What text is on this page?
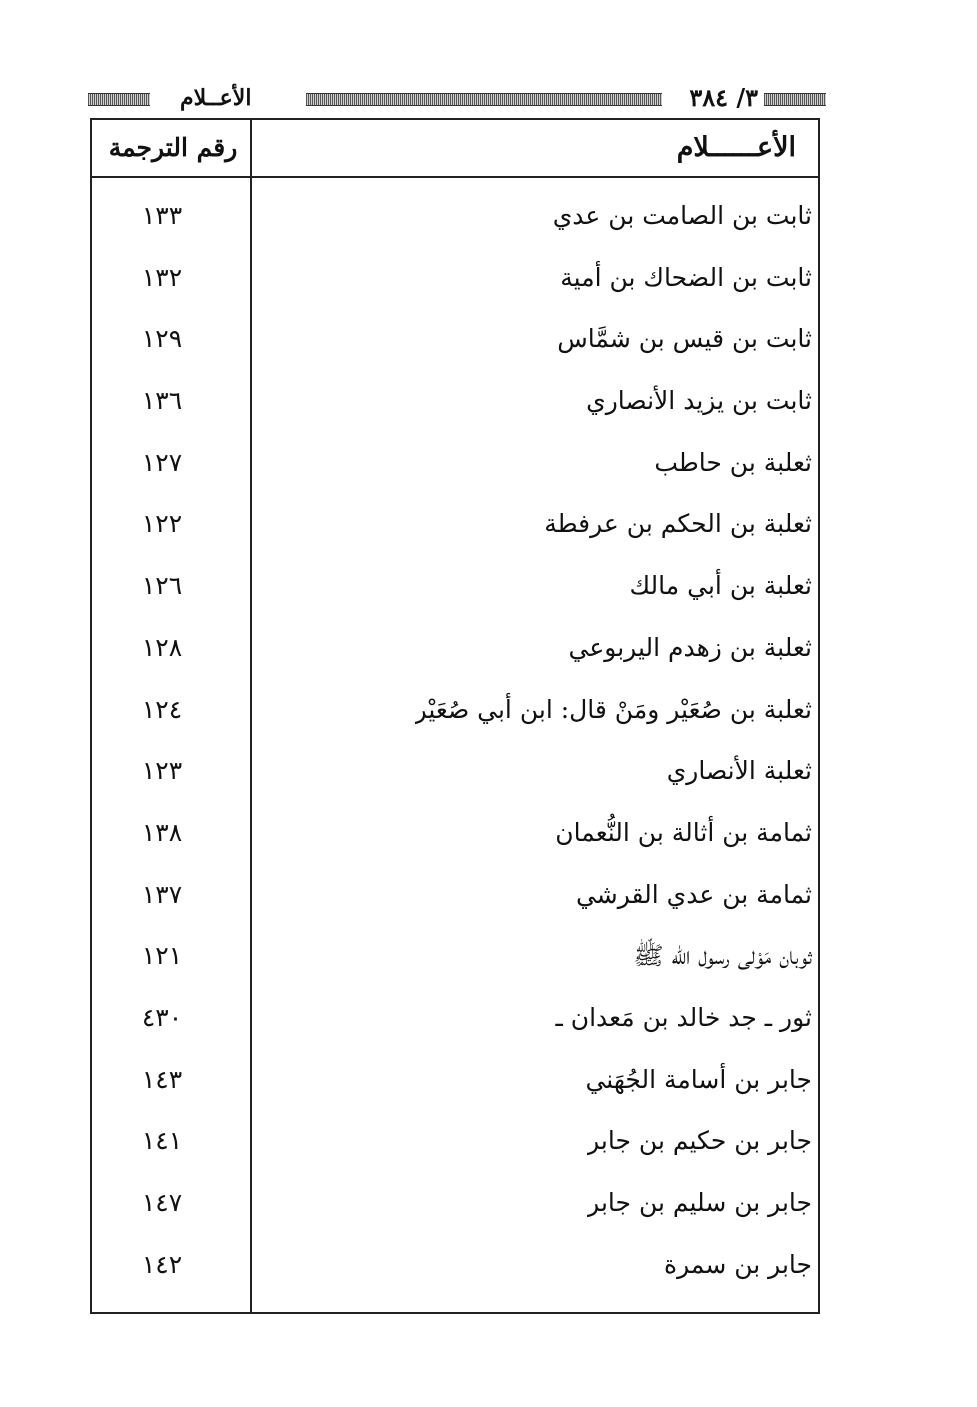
٣/ ٣٨٤
الأعــلام
الأعــــــلام
رقم الترجمة
ثابت بن الصامت بن عدي
١٣٣
ثابت بن الضحاك بن أمية
١٣٢
ثابت بن قيس بن شمَّاس
١٢٩
ثابت بن يزيد الأنصاري
١٣٦
ثعلبة بن حاطب
١٢٧
ثعلبة بن الحكم بن عرفطة
١٢٢
ثعلبة بن أبي مالك
١٢٦
ثعلبة بن زهدم اليربوعي
١٢٨
ثعلبة بن صُعَيْر ومَنْ قال: ابن أبي صُعَيْر
١٢٤
ثعلبة الأنصاري
١٢٣
ثمامة بن أثالة بن النُّعمان
١٣٨
ثمامة بن عدي القرشي
١٣٧
ثوبان مَوْلى رسول الله ﷺ
١٢١
ثور ـ جد خالد بن مَعدان ـ
٤٣٠
جابر بن أسامة الجُهَني
١٤٣
جابر بن حكيم بن جابر
١٤١
جابر بن سليم بن جابر
١٤٧
جابر بن سمرة
١٤٢
